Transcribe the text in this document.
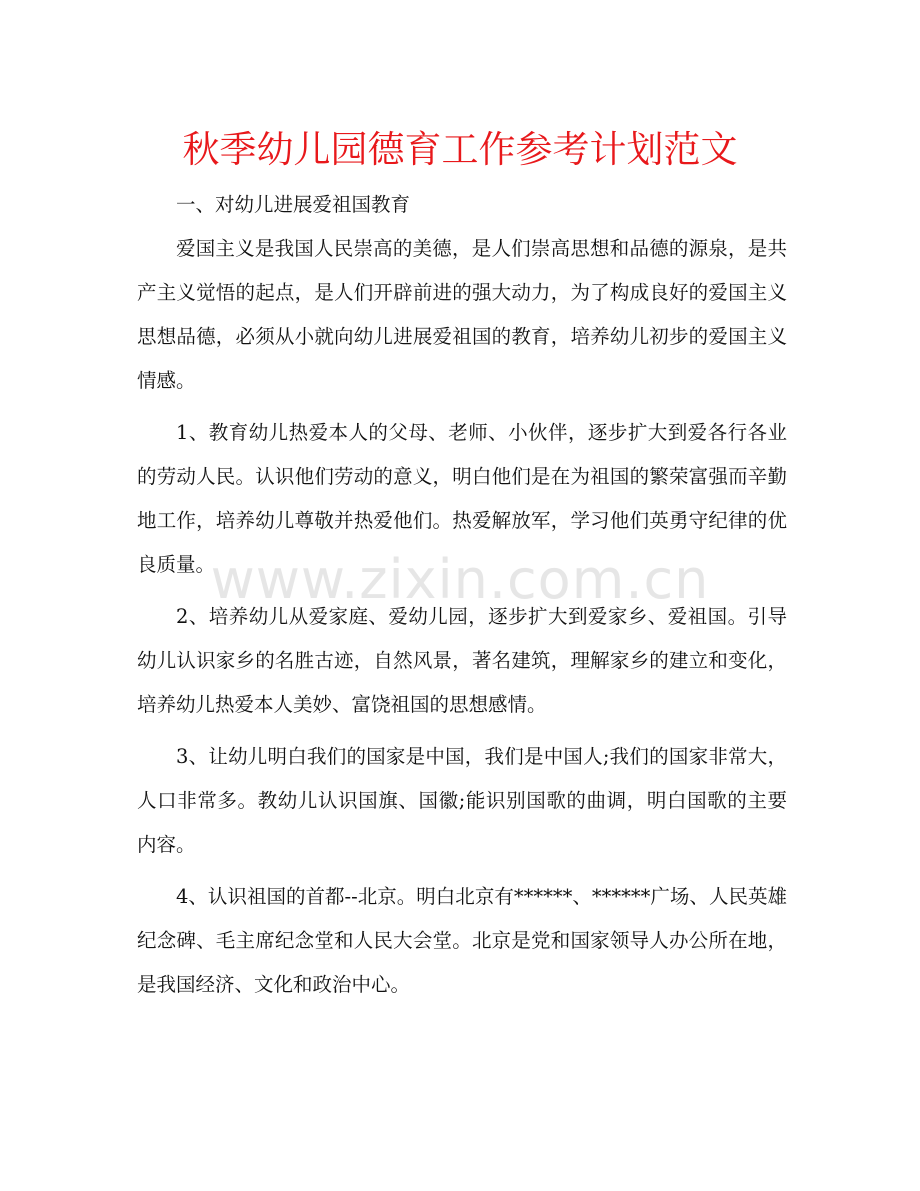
秋季幼儿园德育工作参考计划范文

一、对幼儿进展爱祖国教育

爱国主义是我国人民崇高的美德，是人们崇高思想和品德的源泉，是共产主义觉悟的起点，是人们开辟前进的强大动力，为了构成良好的爱国主义思想品德，必须从小就向幼儿进展爱祖国的教育，培养幼儿初步的爱国主义情感。

1、教育幼儿热爱本人的父母、老师、小伙伴，逐步扩大到爱各行各业的劳动人民。认识他们劳动的意义，明白他们是在为祖国的繁荣富强而辛勤地工作，培养幼儿尊敬并热爱他们。热爱解放军，学习他们英勇守纪律的优良质量。

2、培养幼儿从爱家庭、爱幼儿园，逐步扩大到爱家乡、爱祖国。引导幼儿认识家乡的名胜古迹，自然风景，著名建筑，理解家乡的建立和变化，培养幼儿热爱本人美妙、富饶祖国的思想感情。

3、让幼儿明白我们的国家是中国，我们是中国人;我们的国家非常大，人口非常多。教幼儿认识国旗、国徽;能识别国歌的曲调，明白国歌的主要内容。

4、认识祖国的首都--北京。明白北京有******、******广场、人民英雄纪念碑、毛主席纪念堂和人民大会堂。北京是党和国家领导人办公所在地，是我国经济、文化和政治中心。

www.zixin.com.cn
